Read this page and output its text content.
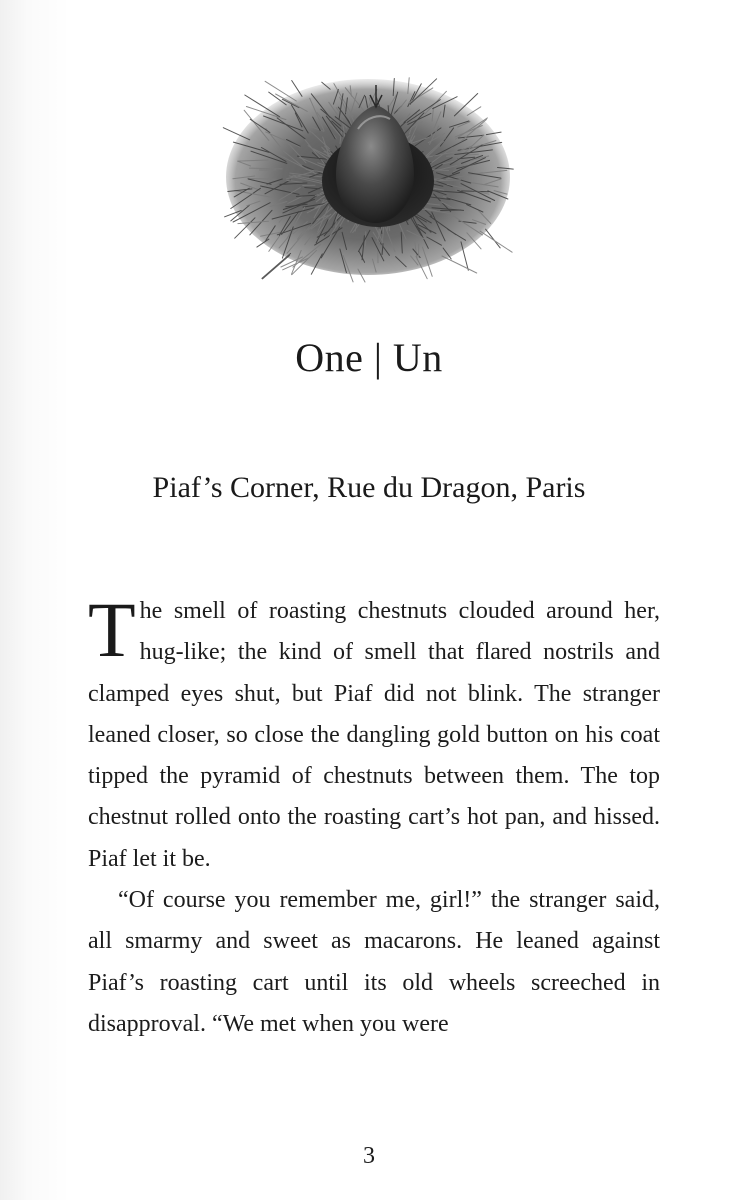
One | Un
Piaf’s Corner, Rue du Dragon, Paris

The smell of roasting chestnuts clouded around her, hug-like; the kind of smell that flared nostrils and clamped eyes shut, but Piaf did not blink. The stranger leaned closer, so close the dangling gold button on his coat tipped the pyramid of chestnuts between them. The top chestnut rolled onto the roasting cart’s hot pan, and hissed. Piaf let it be.

“Of course you remember me, girl!” the stranger said, all smarmy and sweet as macarons. He leaned against Piaf’s roasting cart until its old wheels screeched in disapproval. “We met when you were

3
